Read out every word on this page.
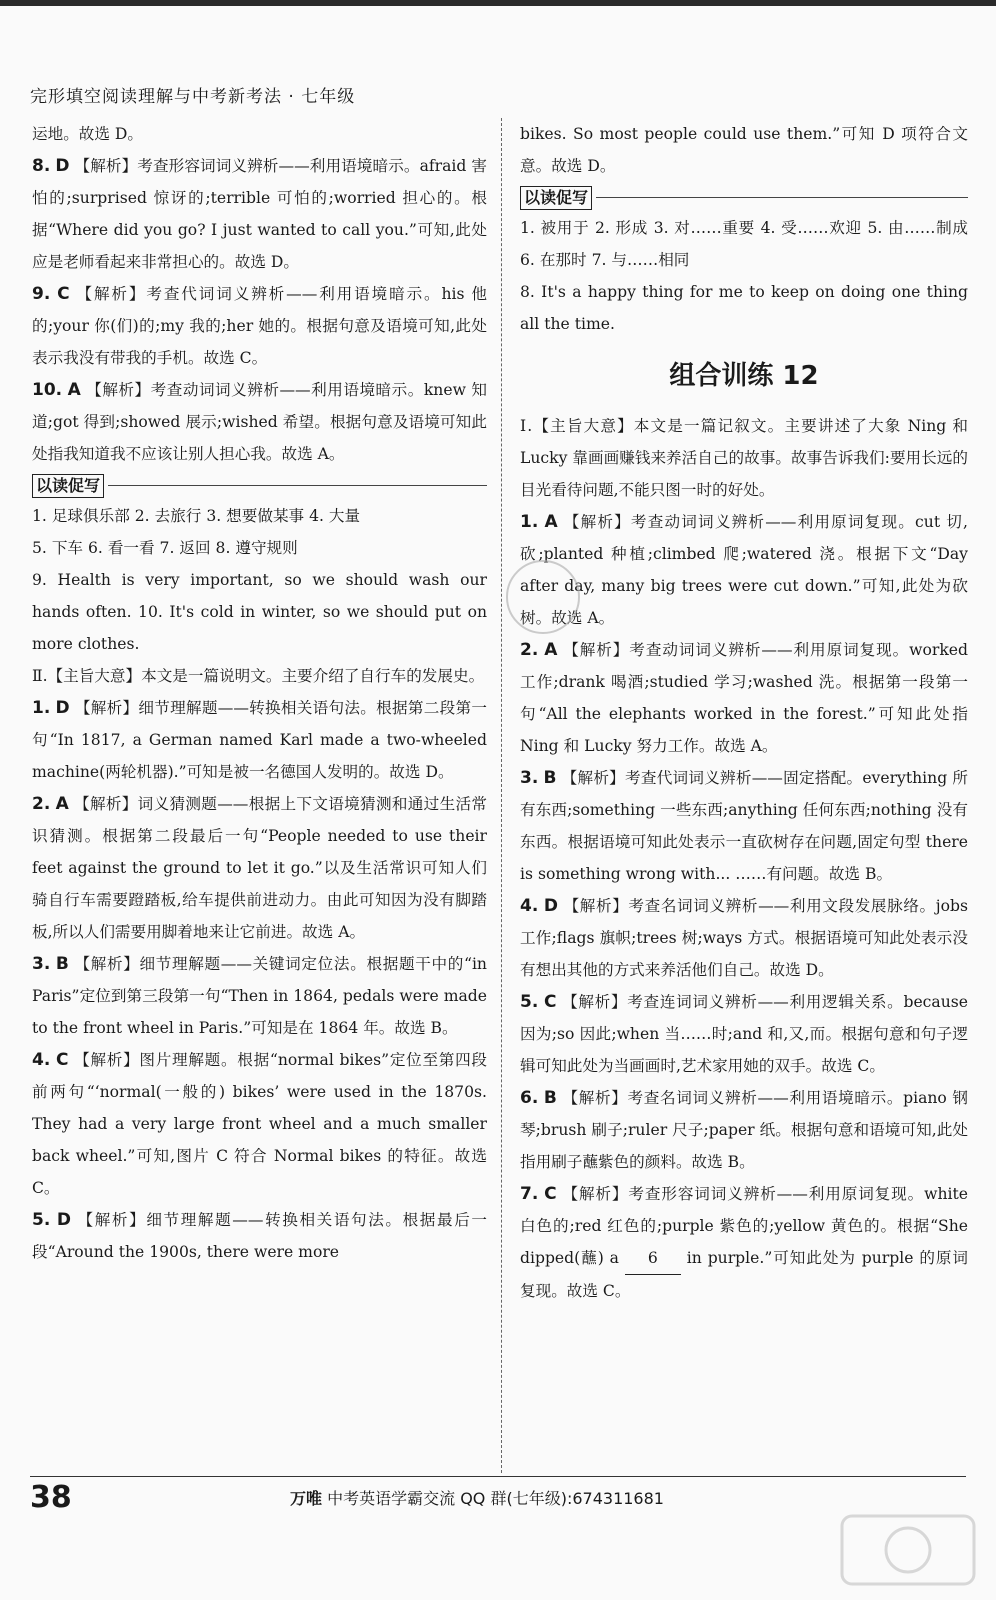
完形填空阅读理解与中考新考法 · 七年级

运地。故选 D。

8. D 【解析】考查形容词词义辨析——利用语境暗示。afraid 害怕的;surprised 惊讶的;terrible 可怕的;worried 担心的。根据“Where did you go? I just wanted to call you.”可知,此处应是老师看起来非常担心的。故选 D。

9. C 【解析】考查代词词义辨析——利用语境暗示。his 他的;your 你(们)的;my 我的;her 她的。根据句意及语境可知,此处表示我没有带我的手机。故选 C。

10. A 【解析】考查动词词义辨析——利用语境暗示。knew 知道;got 得到;showed 展示;wished 希望。根据句意及语境可知此处指我知道我不应该让别人担心我。故选 A。

以读促写

1. 足球俱乐部 2. 去旅行 3. 想要做某事 4. 大量

5. 下车 6. 看一看 7. 返回 8. 遵守规则

9. Health is very important, so we should wash our hands often. 10. It's cold in winter, so we should put on more clothes.

Ⅱ.【主旨大意】本文是一篇说明文。主要介绍了自行车的发展史。

1. D 【解析】细节理解题——转换相关语句法。根据第二段第一句“In 1817, a German named Karl made a two-wheeled machine(两轮机器).”可知是被一名德国人发明的。故选 D。

2. A 【解析】词义猜测题——根据上下文语境猜测和通过生活常识猜测。根据第二段最后一句“People needed to use their feet against the ground to let it go.”以及生活常识可知人们骑自行车需要蹬踏板,给车提供前进动力。由此可知因为没有脚踏板,所以人们需要用脚着地来让它前进。故选 A。

3. B 【解析】细节理解题——关键词定位法。根据题干中的“in Paris”定位到第三段第一句“Then in 1864, pedals were made to the front wheel in Paris.”可知是在 1864 年。故选 B。

4. C 【解析】图片理解题。根据“normal bikes”定位至第四段前两句“‘normal(一般的) bikes’ were used in the 1870s. They had a very large front wheel and a much smaller back wheel.”可知,图片 C 符合 Normal bikes 的特征。故选 C。

5. D 【解析】细节理解题——转换相关语句法。根据最后一段“Around the 1900s, there were more

bikes. So most people could use them.”可知 D 项符合文意。故选 D。

以读促写

1. 被用于 2. 形成 3. 对……重要 4. 受……欢迎 5. 由……制成 6. 在那时 7. 与……相同

8. It's a happy thing for me to keep on doing one thing all the time.

组合训练 12

Ⅰ.【主旨大意】本文是一篇记叙文。主要讲述了大象 Ning 和 Lucky 靠画画赚钱来养活自己的故事。故事告诉我们:要用长远的目光看待问题,不能只图一时的好处。

1. A 【解析】考查动词词义辨析——利用原词复现。cut 切,砍;planted 种植;climbed 爬;watered 浇。根据下文“Day after day, many big trees were cut down.”可知,此处为砍树。故选 A。

2. A 【解析】考查动词词义辨析——利用原词复现。worked 工作;drank 喝酒;studied 学习;washed 洗。根据第一段第一句“All the elephants worked in the forest.”可知此处指 Ning 和 Lucky 努力工作。故选 A。

3. B 【解析】考查代词词义辨析——固定搭配。everything 所有东西;something 一些东西;anything 任何东西;nothing 没有东西。根据语境可知此处表示一直砍树存在问题,固定句型 there is something wrong with... ……有问题。故选 B。

4. D 【解析】考查名词词义辨析——利用文段发展脉络。jobs 工作;flags 旗帜;trees 树;ways 方式。根据语境可知此处表示没有想出其他的方式来养活他们自己。故选 D。

5. C 【解析】考查连词词义辨析——利用逻辑关系。because 因为;so 因此;when 当……时;and 和,又,而。根据句意和句子逻辑可知此处为当画画时,艺术家用她的双手。故选 C。

6. B 【解析】考查名词词义辨析——利用语境暗示。piano 钢琴;brush 刷子;ruler 尺子;paper 纸。根据句意和语境可知,此处指用刷子蘸紫色的颜料。故选 B。

7. C 【解析】考查形容词词义辨析——利用原词复现。white 白色的;red 红色的;purple 紫色的;yellow 黄色的。根据“She dipped(蘸) a 6 in purple.”可知此处为 purple 的原词复现。故选 C。

38	万唯 中考英语学霸交流 QQ 群(七年级):674311681
